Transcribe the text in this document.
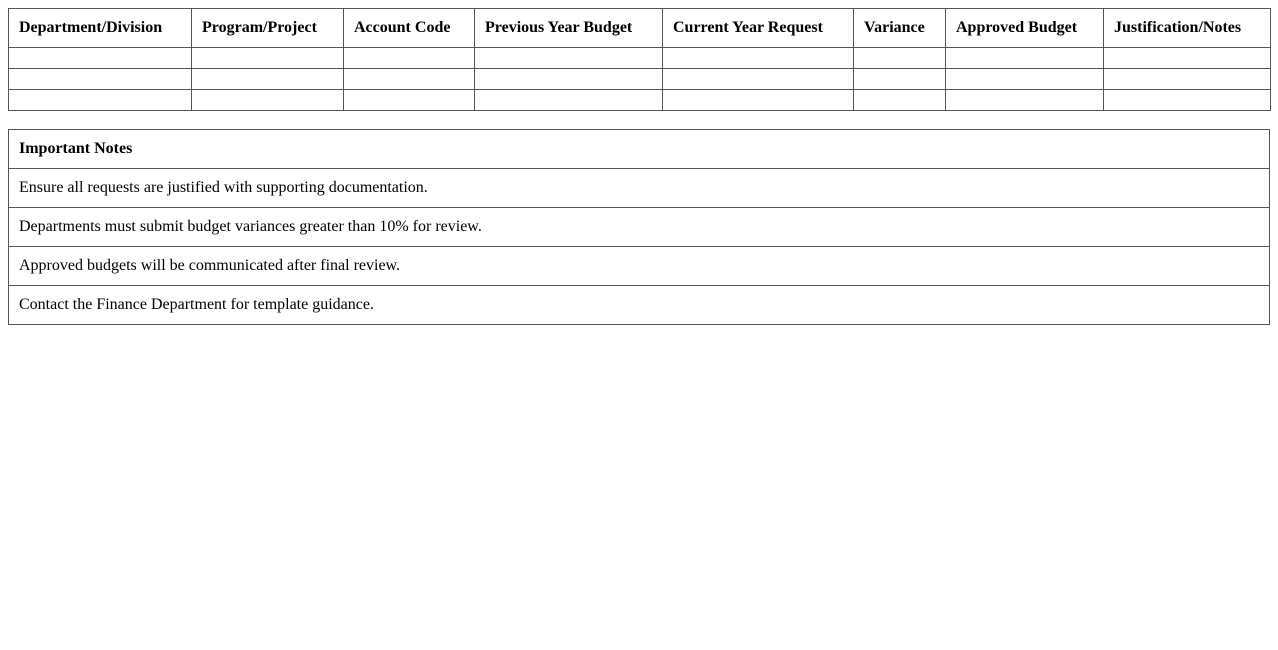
Department/Division	Program/Project	Account Code	Previous Year Budget	Current Year Request	Variance	Approved Budget	Justification/Notes

Important Notes
Ensure all requests are justified with supporting documentation.
Departments must submit budget variances greater than 10% for review.
Approved budgets will be communicated after final review.
Contact the Finance Department for template guidance.
